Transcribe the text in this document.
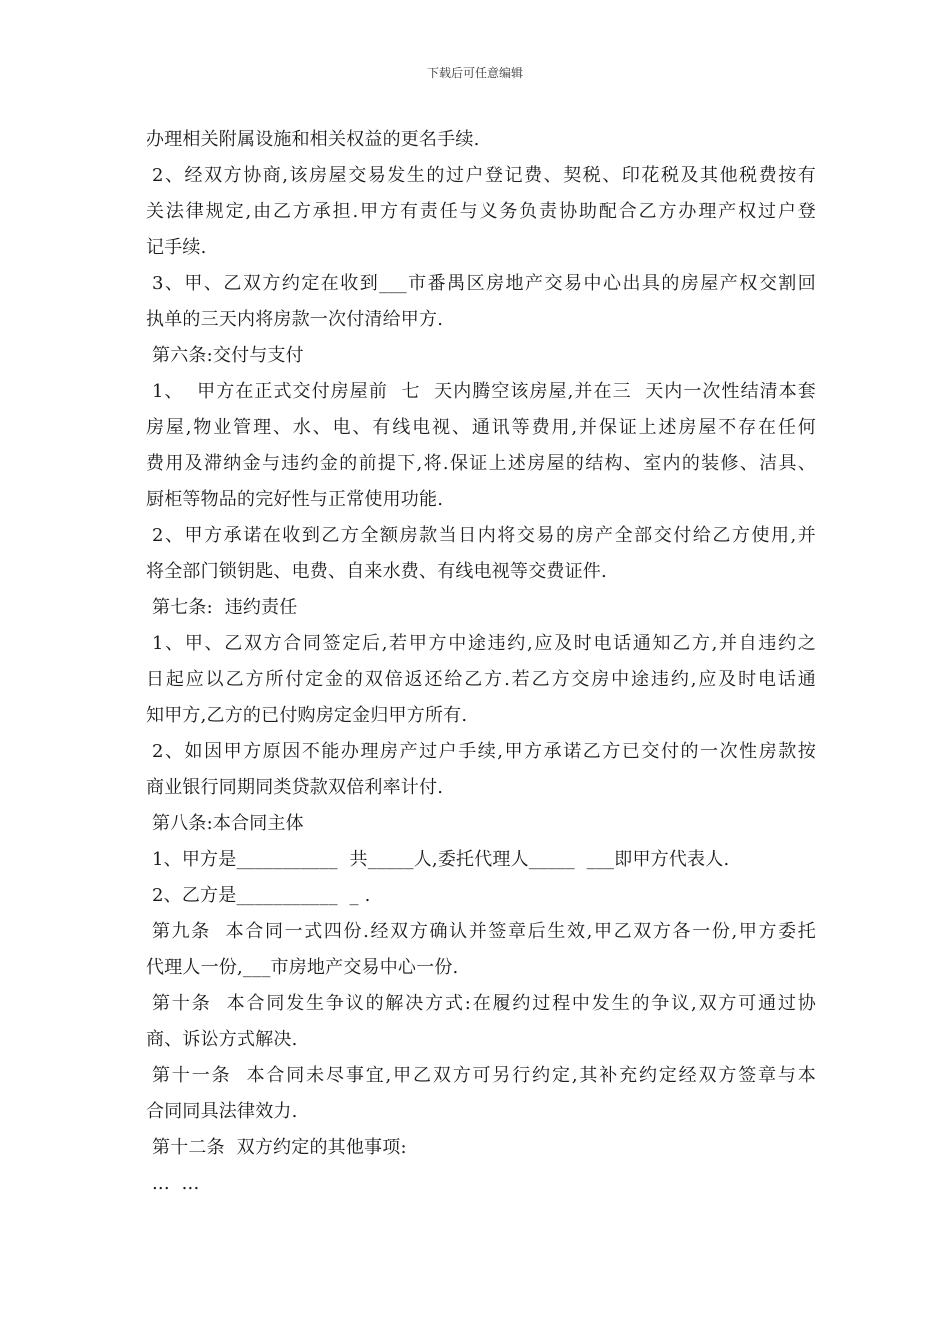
下载后可任意编辑
办理相关附属设施和相关权益的更名手续.
2、经双方协商,该房屋交易发生的过户登记费、契税、印花税及其他税费按有
关法律规定,由乙方承担.甲方有责任与义务负责协助配合乙方办理产权过户登
记手续.
3、甲、乙双方约定在收到___市番禺区房地产交易中心出具的房屋产权交割回
执单的三天内将房款一次付清给甲方.
第六条:交付与支付
1、  甲方在正式交付房屋前  七  天内腾空该房屋,并在三  天内一次性结清本套
房屋,物业管理、水、电、有线电视、通讯等费用,并保证上述房屋不存在任何
费用及滞纳金与违约金的前提下,将.保证上述房屋的结构、室内的装修、洁具、
厨柜等物品的完好性与正常使用功能.
2、甲方承诺在收到乙方全额房款当日内将交易的房产全部交付给乙方使用,并
将全部门锁钥匙、电费、自来水费、有线电视等交费证件.
第七条:  违约责任
1、甲、乙双方合同签定后,若甲方中途违约,应及时电话通知乙方,并自违约之
日起应以乙方所付定金的双倍返还给乙方.若乙方交房中途违约,应及时电话通
知甲方,乙方的已付购房定金归甲方所有.
2、如因甲方原因不能办理房产过户手续,甲方承诺乙方已交付的一次性房款按
商业银行同期同类贷款双倍利率计付.
第八条:本合同主体
1、甲方是___________  共_____人,委托代理人_____  ___即甲方代表人.
2、乙方是___________  _ .
第九条  本合同一式四份.经双方确认并签章后生效,甲乙双方各一份,甲方委托
代理人一份,___市房地产交易中心一份.
第十条  本合同发生争议的解决方式:在履约过程中发生的争议,双方可通过协
商、诉讼方式解决.
第十一条  本合同未尽事宜,甲乙双方可另行约定,其补充约定经双方签章与本
合同同具法律效力.
第十二条  双方约定的其他事项:
...  ...
